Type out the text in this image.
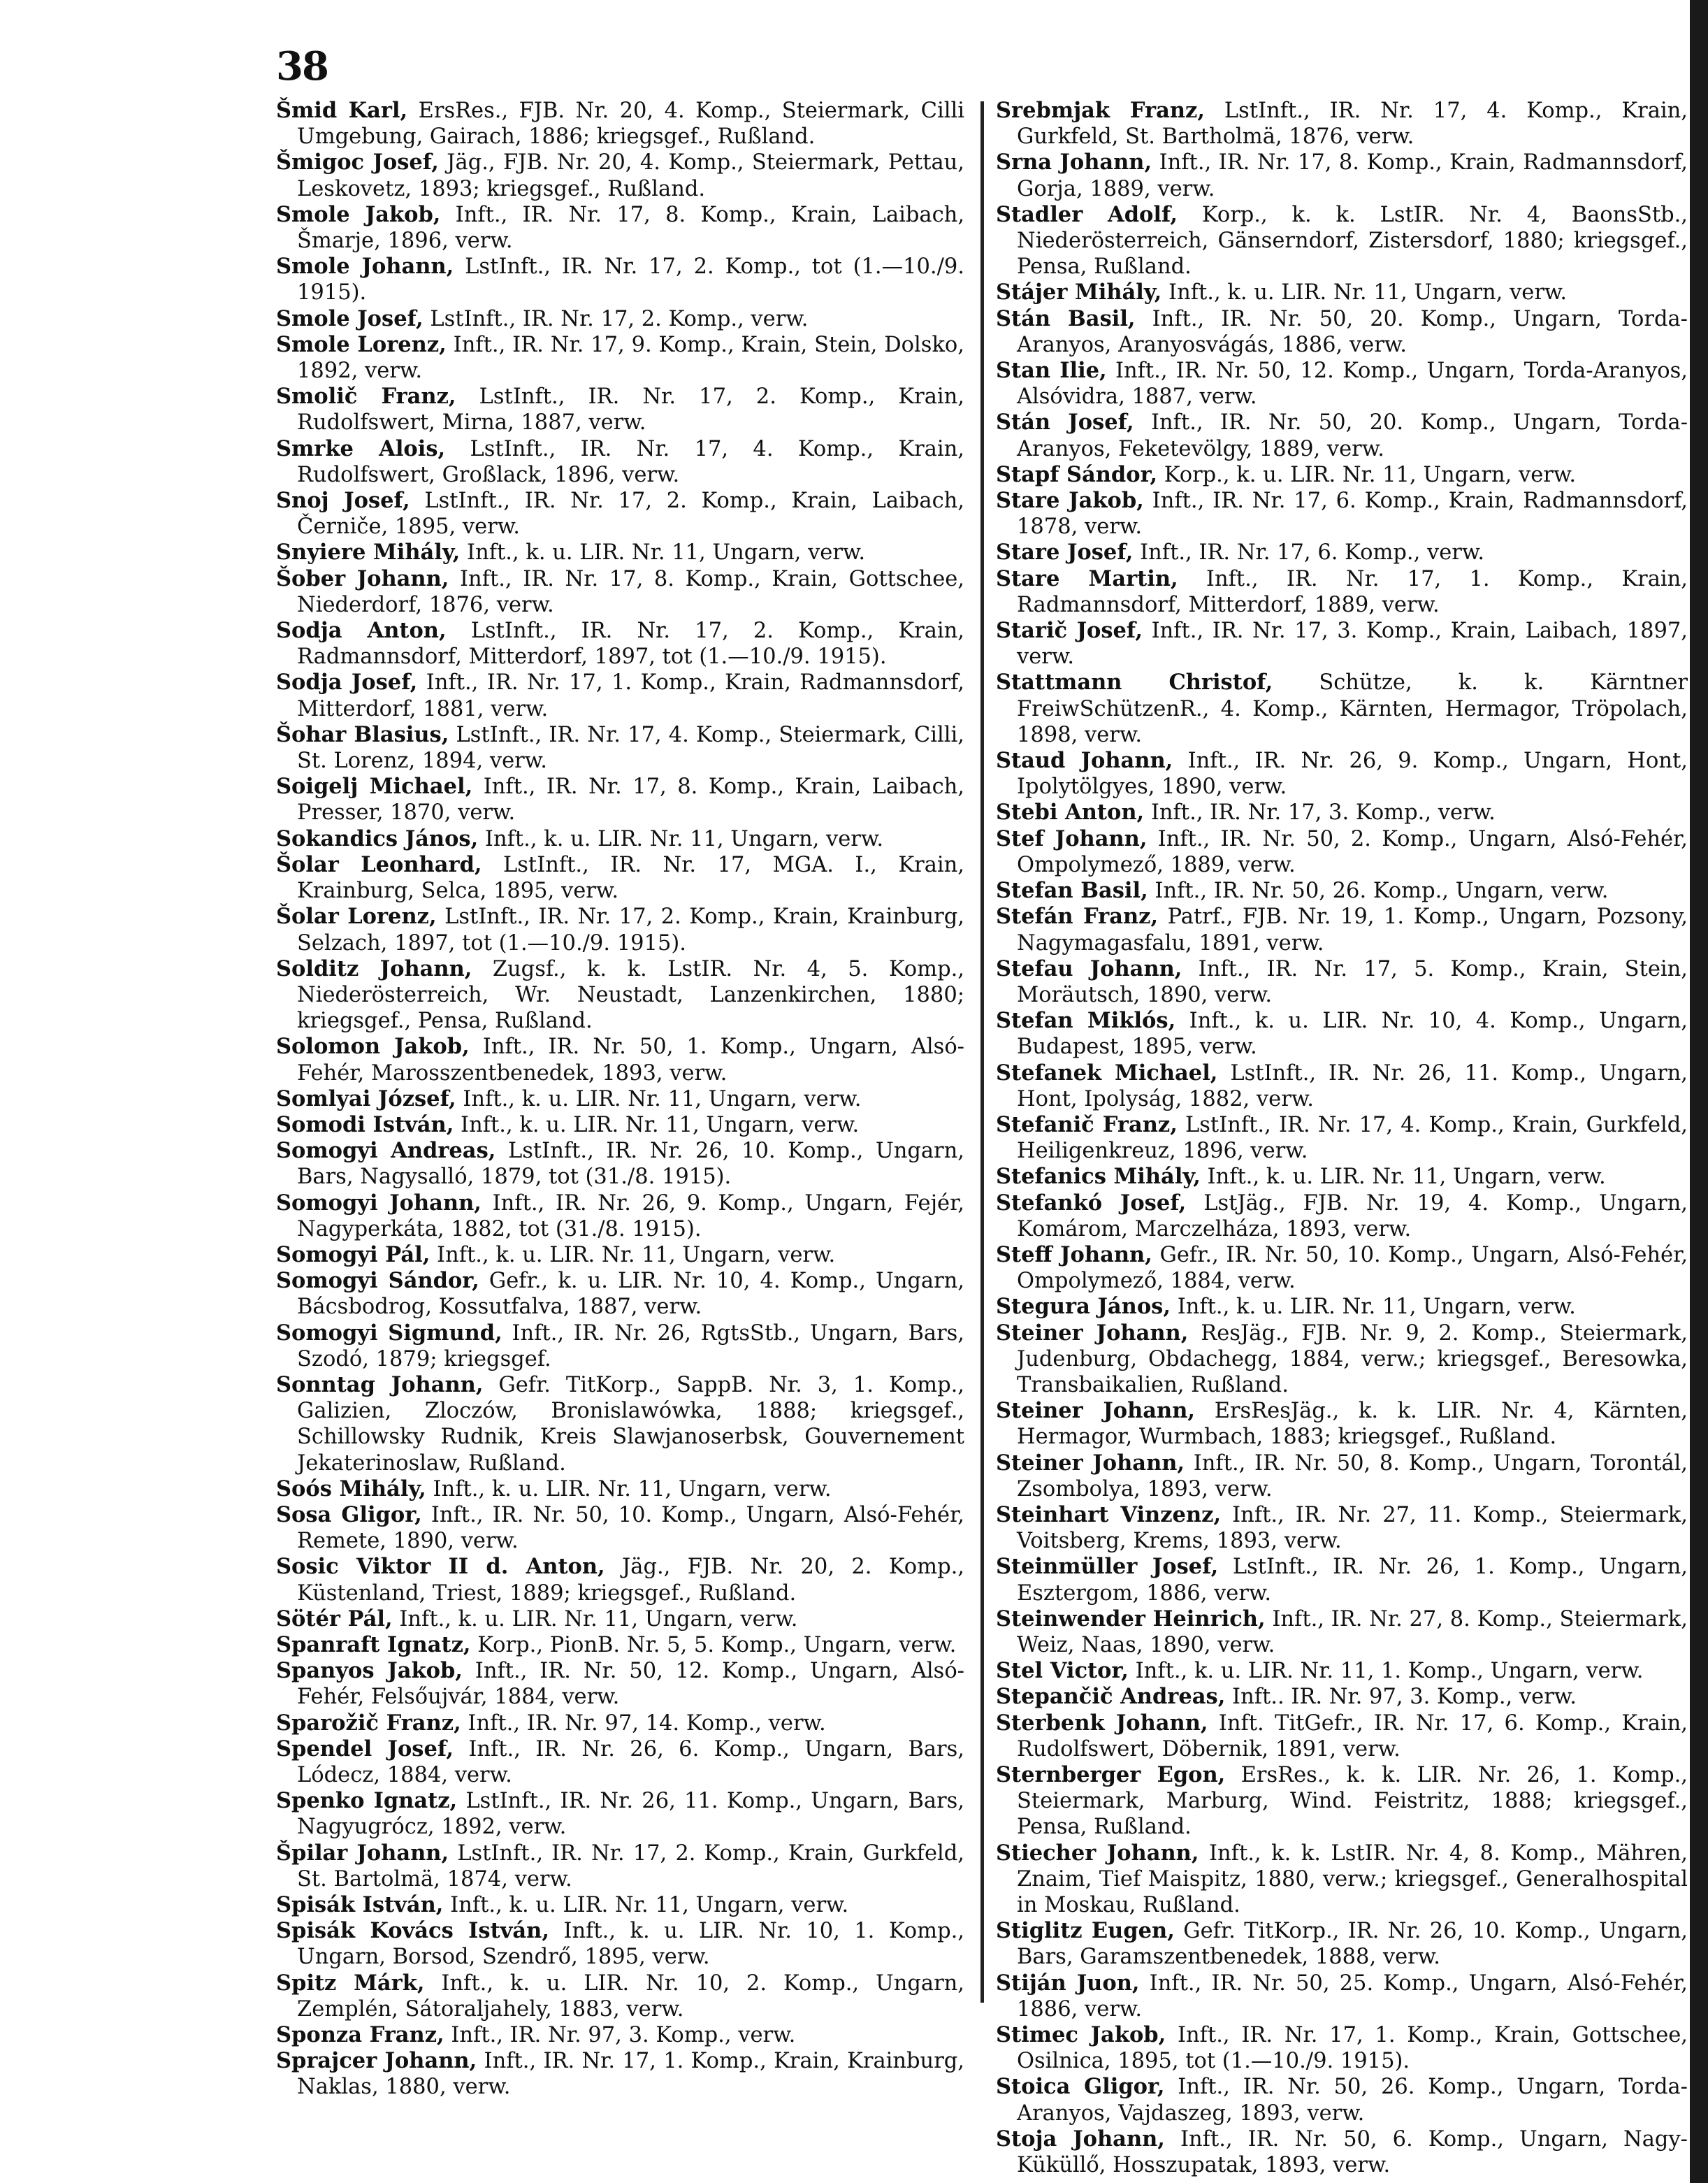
38
Šmid Karl, ErsRes., FJB. Nr. 20, 4. Komp., Steiermark, Cilli Umgebung, Gairach, 1886; kriegsgef., Rußland.
Šmigoc Josef, Jäg., FJB. Nr. 20, 4. Komp., Steiermark, Pettau, Leskovetz, 1893; kriegsgef., Rußland.
Smole Jakob, Inft., IR. Nr. 17, 8. Komp., Krain, Laibach, Šmarje, 1896, verw.
Smole Johann, LstInft., IR. Nr. 17, 2. Komp., tot (1.—10./9. 1915).
Smole Josef, LstInft., IR. Nr. 17, 2. Komp., verw.
Smole Lorenz, Inft., IR. Nr. 17, 9. Komp., Krain, Stein, Dolsko, 1892, verw.
Smolič Franz, LstInft., IR. Nr. 17, 2. Komp., Krain, Rudolfswert, Mirna, 1887, verw.
Smrke Alois, LstInft., IR. Nr. 17, 4. Komp., Krain, Rudolfswert, Großlack, 1896, verw.
Snoj Josef, LstInft., IR. Nr. 17, 2. Komp., Krain, Laibach, Černiče, 1895, verw.
Snyiere Mihály, Inft., k. u. LIR. Nr. 11, Ungarn, verw.
Šober Johann, Inft., IR. Nr. 17, 8. Komp., Krain, Gottschee, Niederdorf, 1876, verw.
Sodja Anton, LstInft., IR. Nr. 17, 2. Komp., Krain, Radmannsdorf, Mitterdorf, 1897, tot (1.—10./9. 1915).
Sodja Josef, Inft., IR. Nr. 17, 1. Komp., Krain, Radmannsdorf, Mitterdorf, 1881, verw.
Šohar Blasius, LstInft., IR. Nr. 17, 4. Komp., Steiermark, Cilli, St. Lorenz, 1894, verw.
Soigelj Michael, Inft., IR. Nr. 17, 8. Komp., Krain, Laibach, Presser, 1870, verw.
Sokandics János, Inft., k. u. LIR. Nr. 11, Ungarn, verw.
Šolar Leonhard, LstInft., IR. Nr. 17, MGA. I., Krain, Krainburg, Selca, 1895, verw.
Šolar Lorenz, LstInft., IR. Nr. 17, 2. Komp., Krain, Krainburg, Selzach, 1897, tot (1.—10./9. 1915).
Solditz Johann, Zugsf., k. k. LstIR. Nr. 4, 5. Komp., Niederösterreich, Wr. Neustadt, Lanzenkirchen, 1880; kriegsgef., Pensa, Rußland.
Solomon Jakob, Inft., IR. Nr. 50, 1. Komp., Ungarn, Alsó-Fehér, Marosszentbenedek, 1893, verw.
Somlyai József, Inft., k. u. LIR. Nr. 11, Ungarn, verw.
Somodi István, Inft., k. u. LIR. Nr. 11, Ungarn, verw.
Somogyi Andreas, LstInft., IR. Nr. 26, 10. Komp., Ungarn, Bars, Nagysalló, 1879, tot (31./8. 1915).
Somogyi Johann, Inft., IR. Nr. 26, 9. Komp., Ungarn, Fejér, Nagyperkáta, 1882, tot (31./8. 1915).
Somogyi Pál, Inft., k. u. LIR. Nr. 11, Ungarn, verw.
Somogyi Sándor, Gefr., k. u. LIR. Nr. 10, 4. Komp., Ungarn, Bácsbodrog, Kossutfalva, 1887, verw.
Somogyi Sigmund, Inft., IR. Nr. 26, RgtsStb., Ungarn, Bars, Szodó, 1879; kriegsgef.
Sonntag Johann, Gefr. TitKorp., SappB. Nr. 3, 1. Komp., Galizien, Zloczów, Bronislawówka, 1888; kriegsgef., Schillowsky Rudnik, Kreis Slawjanoserbsk, Gouvernement Jekaterinoslaw, Rußland.
Soós Mihály, Inft., k. u. LIR. Nr. 11, Ungarn, verw.
Sosa Gligor, Inft., IR. Nr. 50, 10. Komp., Ungarn, Alsó-Fehér, Remete, 1890, verw.
Sosic Viktor II d. Anton, Jäg., FJB. Nr. 20, 2. Komp., Küstenland, Triest, 1889; kriegsgef., Rußland.
Sötér Pál, Inft., k. u. LIR. Nr. 11, Ungarn, verw.
Spanraft Ignatz, Korp., PionB. Nr. 5, 5. Komp., Ungarn, verw.
Spanyos Jakob, Inft., IR. Nr. 50, 12. Komp., Ungarn, Alsó-Fehér, Felsőujvár, 1884, verw.
Sparožič Franz, Inft., IR. Nr. 97, 14. Komp., verw.
Spendel Josef, Inft., IR. Nr. 26, 6. Komp., Ungarn, Bars, Lódecz, 1884, verw.
Spenko Ignatz, LstInft., IR. Nr. 26, 11. Komp., Ungarn, Bars, Nagyugrócz, 1892, verw.
Špilar Johann, LstInft., IR. Nr. 17, 2. Komp., Krain, Gurkfeld, St. Bartolmä, 1874, verw.
Spisák István, Inft., k. u. LIR. Nr. 11, Ungarn, verw.
Spisák Kovács István, Inft., k. u. LIR. Nr. 10, 1. Komp., Ungarn, Borsod, Szendrő, 1895, verw.
Spitz Márk, Inft., k. u. LIR. Nr. 10, 2. Komp., Ungarn, Zemplén, Sátoraljahely, 1883, verw.
Sponza Franz, Inft., IR. Nr. 97, 3. Komp., verw.
Sprajcer Johann, Inft., IR. Nr. 17, 1. Komp., Krain, Krainburg, Naklas, 1880, verw.
Srebmjak Franz, LstInft., IR. Nr. 17, 4. Komp., Krain, Gurkfeld, St. Bartholmä, 1876, verw.
Srna Johann, Inft., IR. Nr. 17, 8. Komp., Krain, Radmannsdorf, Gorja, 1889, verw.
Stadler Adolf, Korp., k. k. LstIR. Nr. 4, BaonsStb., Niederösterreich, Gänserndorf, Zistersdorf, 1880; kriegsgef., Pensa, Rußland.
Stájer Mihály, Inft., k. u. LIR. Nr. 11, Ungarn, verw.
Stán Basil, Inft., IR. Nr. 50, 20. Komp., Ungarn, Torda-Aranyos, Aranyosvágás, 1886, verw.
Stan Ilie, Inft., IR. Nr. 50, 12. Komp., Ungarn, Torda-Aranyos, Alsóvidra, 1887, verw.
Stán Josef, Inft., IR. Nr. 50, 20. Komp., Ungarn, Torda-Aranyos, Feketevölgy, 1889, verw.
Stapf Sándor, Korp., k. u. LIR. Nr. 11, Ungarn, verw.
Stare Jakob, Inft., IR. Nr. 17, 6. Komp., Krain, Radmannsdorf, 1878, verw.
Stare Josef, Inft., IR. Nr. 17, 6. Komp., verw.
Stare Martin, Inft., IR. Nr. 17, 1. Komp., Krain, Radmannsdorf, Mitterdorf, 1889, verw.
Starič Josef, Inft., IR. Nr. 17, 3. Komp., Krain, Laibach, 1897, verw.
Stattmann Christof, Schütze, k. k. Kärntner FreiwSchützenR., 4. Komp., Kärnten, Hermagor, Tröpolach, 1898, verw.
Staud Johann, Inft., IR. Nr. 26, 9. Komp., Ungarn, Hont, Ipolytölgyes, 1890, verw.
Stebi Anton, Inft., IR. Nr. 17, 3. Komp., verw.
Stef Johann, Inft., IR. Nr. 50, 2. Komp., Ungarn, Alsó-Fehér, Ompolymező, 1889, verw.
Stefan Basil, Inft., IR. Nr. 50, 26. Komp., Ungarn, verw.
Stefán Franz, Patrf., FJB. Nr. 19, 1. Komp., Ungarn, Pozsony, Nagymagasfalu, 1891, verw.
Stefau Johann, Inft., IR. Nr. 17, 5. Komp., Krain, Stein, Moräutsch, 1890, verw.
Stefan Miklós, Inft., k. u. LIR. Nr. 10, 4. Komp., Ungarn, Budapest, 1895, verw.
Stefanek Michael, LstInft., IR. Nr. 26, 11. Komp., Ungarn, Hont, Ipolyság, 1882, verw.
Stefanič Franz, LstInft., IR. Nr. 17, 4. Komp., Krain, Gurkfeld, Heiligenkreuz, 1896, verw.
Stefanics Mihály, Inft., k. u. LIR. Nr. 11, Ungarn, verw.
Stefankó Josef, LstJäg., FJB. Nr. 19, 4. Komp., Ungarn, Komárom, Marczelháza, 1893, verw.
Steff Johann, Gefr., IR. Nr. 50, 10. Komp., Ungarn, Alsó-Fehér, Ompolymező, 1884, verw.
Stegura János, Inft., k. u. LIR. Nr. 11, Ungarn, verw.
Steiner Johann, ResJäg., FJB. Nr. 9, 2. Komp., Steiermark, Judenburg, Obdachegg, 1884, verw.; kriegsgef., Beresowka, Transbaikalien, Rußland.
Steiner Johann, ErsResJäg., k. k. LIR. Nr. 4, Kärnten, Hermagor, Wurmbach, 1883; kriegsgef., Rußland.
Steiner Johann, Inft., IR. Nr. 50, 8. Komp., Ungarn, Torontál, Zsombolya, 1893, verw.
Steinhart Vinzenz, Inft., IR. Nr. 27, 11. Komp., Steiermark, Voitsberg, Krems, 1893, verw.
Steinmüller Josef, LstInft., IR. Nr. 26, 1. Komp., Ungarn, Esztergom, 1886, verw.
Steinwender Heinrich, Inft., IR. Nr. 27, 8. Komp., Steiermark, Weiz, Naas, 1890, verw.
Stel Victor, Inft., k. u. LIR. Nr. 11, 1. Komp., Ungarn, verw.
Stepančič Andreas, Inft.. IR. Nr. 97, 3. Komp., verw.
Sterbenk Johann, Inft. TitGefr., IR. Nr. 17, 6. Komp., Krain, Rudolfswert, Döbernik, 1891, verw.
Sternberger Egon, ErsRes., k. k. LIR. Nr. 26, 1. Komp., Steiermark, Marburg, Wind. Feistritz, 1888; kriegsgef., Pensa, Rußland.
Stiecher Johann, Inft., k. k. LstIR. Nr. 4, 8. Komp., Mähren, Znaim, Tief Maispitz, 1880, verw.; kriegsgef., Generalhospital in Moskau, Rußland.
Stiglitz Eugen, Gefr. TitKorp., IR. Nr. 26, 10. Komp., Ungarn, Bars, Garamszentbenedek, 1888, verw.
Stiján Juon, Inft., IR. Nr. 50, 25. Komp., Ungarn, Alsó-Fehér, 1886, verw.
Stimec Jakob, Inft., IR. Nr. 17, 1. Komp., Krain, Gottschee, Osilnica, 1895, tot (1.—10./9. 1915).
Stoica Gligor, Inft., IR. Nr. 50, 26. Komp., Ungarn, Torda-Aranyos, Vajdaszeg, 1893, verw.
Stoja Johann, Inft., IR. Nr. 50, 6. Komp., Ungarn, Nagy-Küküllő, Hosszupatak, 1893, verw.
